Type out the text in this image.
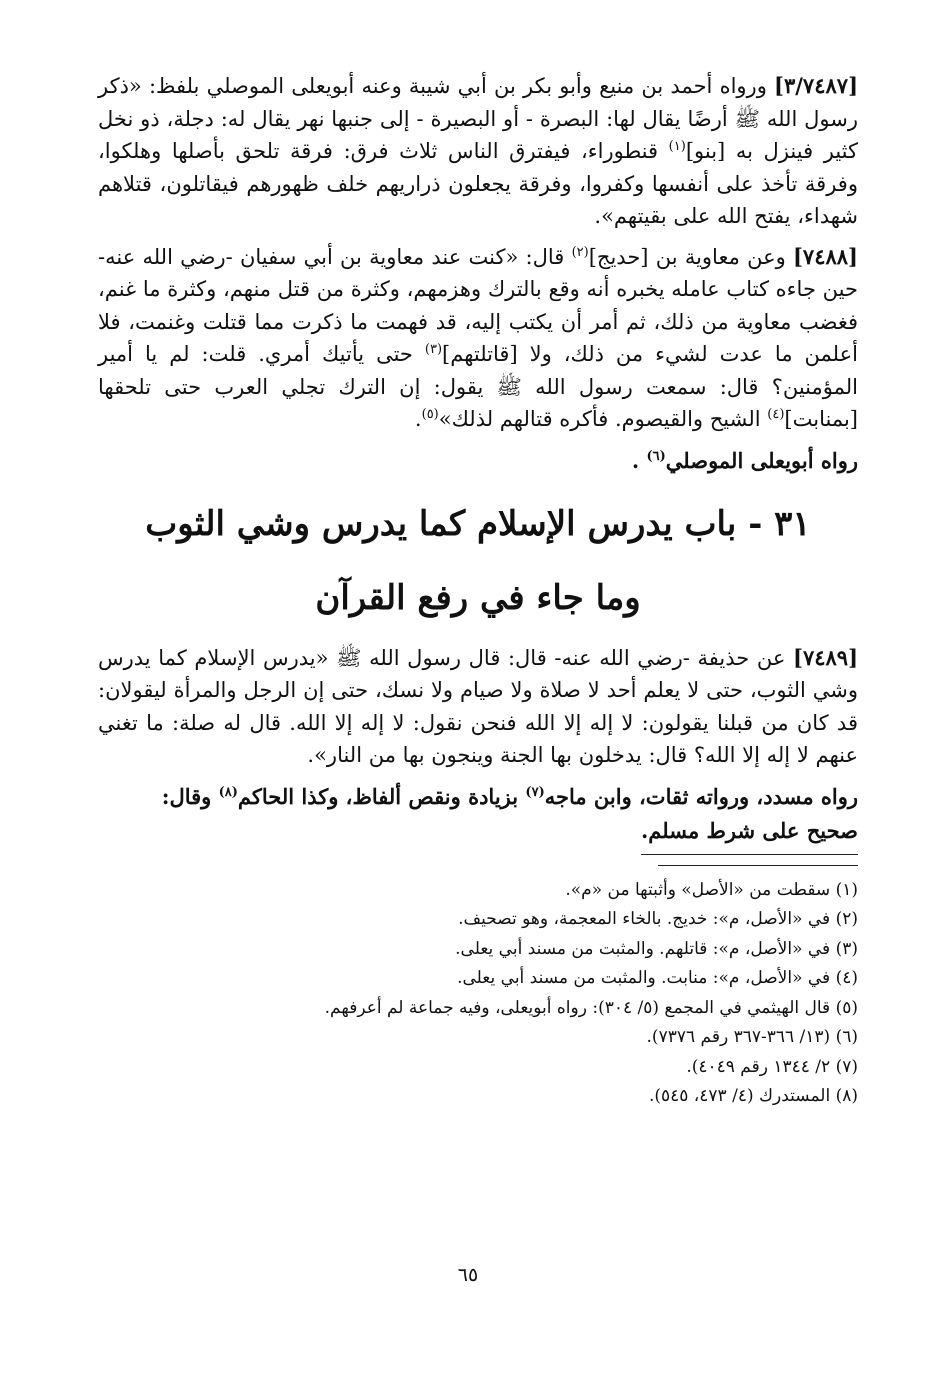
[٣/٧٤٨٧] ورواه أحمد بن منيع وأبو بكر بن أبي شيبة وعنه أبويعلى الموصلي بلفظ: «ذكر رسول الله ﷺ أرضًا يقال لها: البصرة - أو البصيرة - إلى جنبها نهر يقال له: دجلة، ذو نخل كثير فينزل به [بنو]$^{(١)}$ قنطوراء، فيفترق الناس ثلاث فرق: فرقة تلحق بأصلها وهلكوا، وفرقة تأخذ على أنفسها وكفروا، وفرقة يجعلون ذراريهم خلف ظهورهم فيقاتلون، قتلاهم شهداء، يفتح الله على بقيتهم».

[٧٤٨٨] وعن معاوية بن [حديج]$^{(٢)}$ قال: «كنت عند معاوية بن أبي سفيان -رضي الله عنه- حين جاءه كتاب عامله يخبره أنه وقع بالترك وهزمهم، وكثرة من قتل منهم، وكثرة ما غنم، فغضب معاوية من ذلك، ثم أمر أن يكتب إليه، قد فهمت ما ذكرت مما قتلت وغنمت، فلا أعلمن ما عدت لشيء من ذلك، ولا [قاتلتهم]$^{(٣)}$ حتى يأتيك أمري. قلت: لم يا أمير المؤمنين؟ قال: سمعت رسول الله ﷺ يقول: إن الترك تجلي العرب حتى تلحقها [بمنابت]$^{(٤)}$ الشيح والقيصوم. فأكره قتالهم لذلك»$^{(٥)}$.

رواه أبويعلى الموصلي$^{(٦)}$ .

٣١ - باب يدرس الإسلام كما يدرس وشي الثوب
وما جاء في رفع القرآن

[٧٤٨٩] عن حذيفة -رضي الله عنه- قال: قال رسول الله ﷺ «يدرس الإسلام كما يدرس وشي الثوب، حتى لا يعلم أحد لا صلاة ولا صيام ولا نسك، حتى إن الرجل والمرأة ليقولان: قد كان من قبلنا يقولون: لا إله إلا الله فنحن نقول: لا إله إلا الله. قال له صلة: ما تغني عنهم لا إله إلا الله؟ قال: يدخلون بها الجنة وينجون بها من النار».

رواه مسدد، ورواته ثقات، وابن ماجه$^{(٧)}$ بزيادة ونقص ألفاظ، وكذا الحاكم$^{(٨)}$ وقال:
صحيح على شرط مسلم.

(١) سقطت من «الأصل» وأثبتها من «م».

(٢) في «الأصل، م»: خديج. بالخاء المعجمة، وهو تصحيف.

(٣) في «الأصل، م»: قاتلهم. والمثبت من مسند أبي يعلى.

(٤) في «الأصل، م»: منابت. والمثبت من مسند أبي يعلى.

(٥) قال الهيثمي في المجمع (٥/ ٣٠٤): رواه أبويعلى، وفيه جماعة لم أعرفهم.

(٦) (١٣/ ٣٦٦-٣٦٧ رقم ٧٣٧٦).

(٧) ٢/ ١٣٤٤ رقم ٤٠٤٩).

(٨) المستدرك (٤/ ٤٧٣، ٥٤٥).

٦٥
